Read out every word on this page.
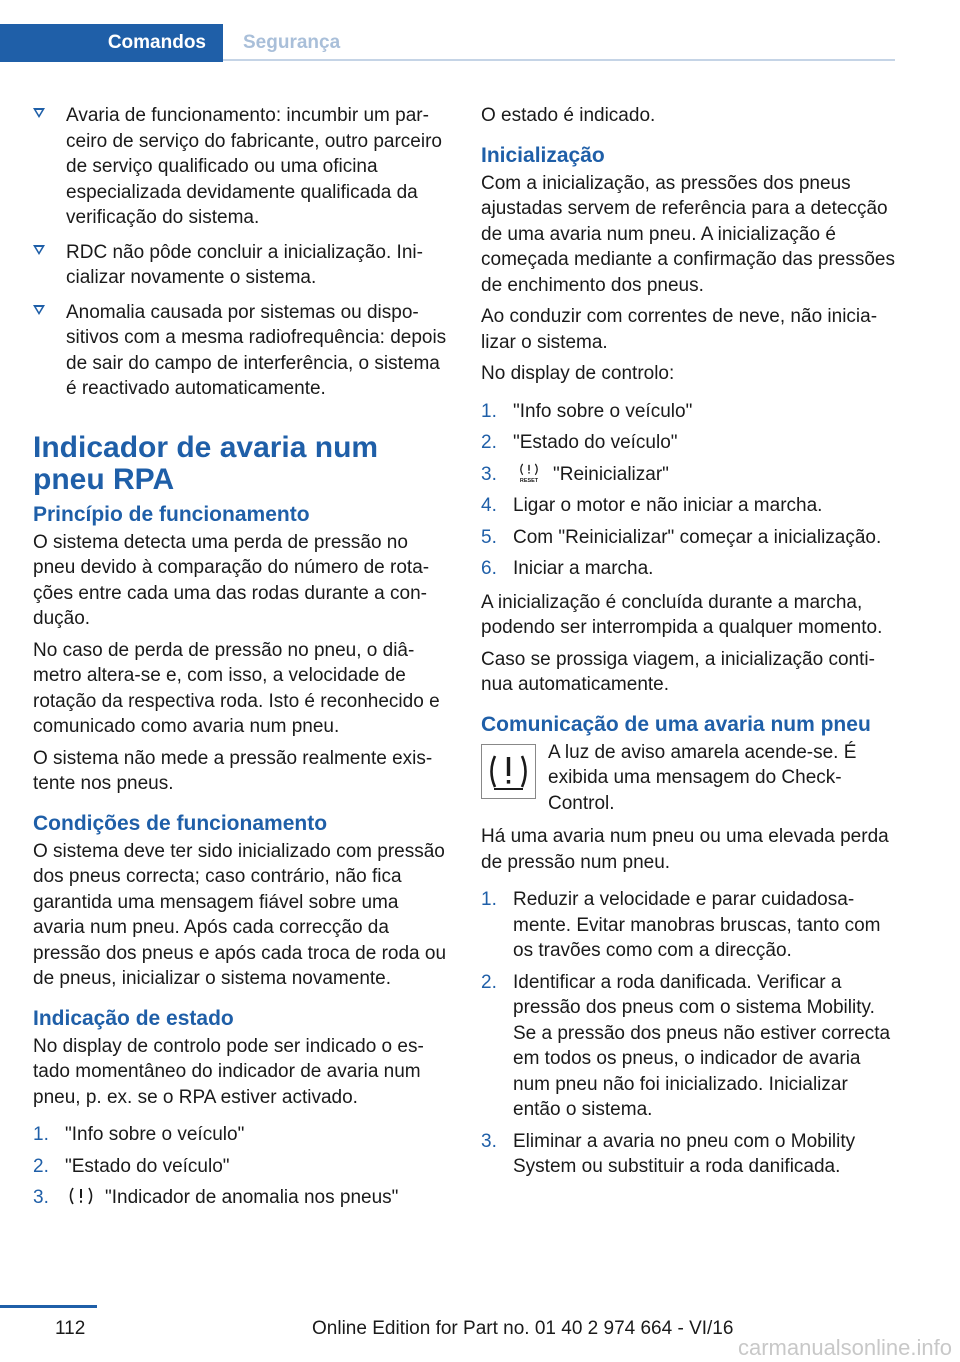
Comandos	Segurança
Avaria de funcionamento: incumbir um parceiro de serviço do fabricante, outro parceiro de serviço qualificado ou uma oficina especializada devidamente qualificada da verificação do sistema.
RDC não pôde concluir a inicialização. Inicializar novamente o sistema.
Anomalia causada por sistemas ou dispositivos com a mesma radiofrequência: depois de sair do campo de interferência, o sistema é reactivado automaticamente.
Indicador de avaria num pneu RPA
Princípio de funcionamento

O sistema detecta uma perda de pressão no pneu devido à comparação do número de rotações entre cada uma das rodas durante a condução.

No caso de perda de pressão no pneu, o diâmetro altera-se e, com isso, a velocidade de rotação da respectiva roda. Isto é reconhecido e comunicado como avaria num pneu.

O sistema não mede a pressão realmente existente nos pneus.

Condições de funcionamento

O sistema deve ter sido inicializado com pressão dos pneus correcta; caso contrário, não fica garantida uma mensagem fiável sobre uma avaria num pneu. Após cada correcção da pressão dos pneus e após cada troca de roda ou de pneus, inicializar o sistema novamente.

Indicação de estado

No display de controlo pode ser indicado o estado momentâneo do indicador de avaria num pneu, p. ex. se o RPA estiver activado.

1. "Info sobre o veículo"
2. "Estado do veículo"
3.	"Indicador de anomalia nos pneus"

O estado é indicado.

Inicialização

Com a inicialização, as pressões dos pneus ajustadas servem de referência para a detecção de uma avaria num pneu. A inicialização é começada mediante a confirmação das pressões de enchimento dos pneus.

Ao conduzir com correntes de neve, não inicializar o sistema.

No display de controlo:

1. "Info sobre o veículo"
2. "Estado do veículo"
3.	RESET "Reinicializar"
4. Ligar o motor e não iniciar a marcha.
5. Com "Reinicializar" começar a inicialização.
6. Iniciar a marcha.

A inicialização é concluída durante a marcha, podendo ser interrompida a qualquer momento.

Caso se prossiga viagem, a inicialização continua automaticamente.

Comunicação de uma avaria num pneu
A luz de aviso amarela acende-se. É exibida uma mensagem do Check-Control.

Há uma avaria num pneu ou uma elevada perda de pressão num pneu.

1. Reduzir a velocidade e parar cuidadosamente. Evitar manobras bruscas, tanto com os travões como com a direcção.
2. Identificar a roda danificada. Verificar a pressão dos pneus com o sistema Mobility. Se a pressão dos pneus não estiver correcta em todos os pneus, o indicador de avaria num pneu não foi inicializado. Inicializar então o sistema.
3. Eliminar a avaria no pneu com o Mobility System ou substituir a roda danificada.
112	Online Edition for Part no. 01 40 2 974 664 - VI/16
carmanualsonline.info
